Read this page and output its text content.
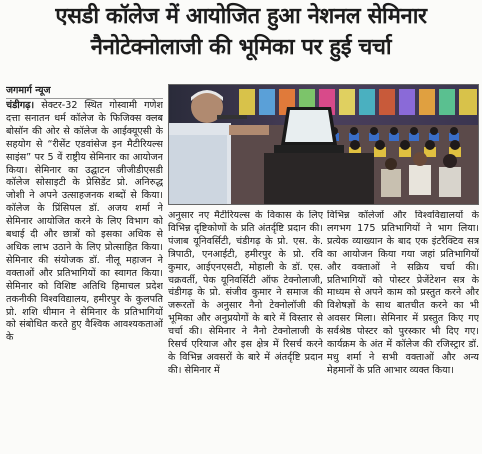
एसडी कॉलेज में आयोजित हुआ नेशनल सेमिनार
नैनोटेक्नोलाजी की भूमिका पर हुई चर्चा
जगमार्ग न्यूज

चंडीगढ़। सेक्टर-32 स्थित गोस्वामी गणेश दत्ता सनातन धर्म कॉलेज के फिजिक्स क्लब बोसॉन की ओर से कॉलेज के आईक्यूएसी के सहयोग से “रीसेंट एडवांसेज इन मैटीरियल्स साइंस” पर 5 वें राष्ट्रीय सेमिनार का आयोजन किया। सेमिनार का उद्घाटन जीजीडीएसडी कॉलेज सोसाइटी के प्रेसिडेंट प्रो. अनिरुद्ध जोशी ने अपने उत्साहजनक शब्दों से किया। कॉलेज के प्रिंसिपल डॉ. अजय शर्मा ने सेमिनार आयोजित करने के लिए विभाग को बधाई दी और छात्रों को इसका अधिक से अधिक लाभ उठाने के लिए प्रोत्साहित किया। सेमिनार की संयोजक डॉ. नीलू महाजन ने वक्ताओं और प्रतिभागियों का स्वागत किया। सेमिनार को विशिष्ट अतिथि हिमाचल प्रदेश तकनीकी विश्वविद्यालय, हमीरपुर के कुलपति प्रो. शशि धीमान ने सेमिनार के प्रतिभागियों को संबोधित करते हुए वैश्विक आवश्यकताओं के

अनुसार नए मैटीरियल्स के विकास के लिए विभिन्न दृष्टिकोणों के प्रति अंतर्दृष्टि प्रदान की। पंजाब यूनिवर्सिटी, चंडीगढ़ के प्रो. एस. के. त्रिपाठी, एनआईटी, हमीरपुर के प्रो. रवि कुमार, आईएनएसटी, मोहाली के डॉ. एस. चक्रवर्ती, पेक यूनिवर्सिटी ऑफ टेक्नोलाजी, चंडीगढ़ के प्रो. संजीव कुमार ने समाज की जरूरतों के अनुसार नैनो टेक्नोलॉजी की भूमिका और अनुप्रयोगों के बारे में विस्तार से चर्चा की। सेमिनार ने नैनो टेक्नोलाजी के रिसर्च एरियाज और इस क्षेत्र में रिसर्च करने के विभिन्न अवसरों के बारे में अंतर्दृष्टि प्रदान की। सेमिनार में

विभिन्न कॉलेजों और विश्वविद्यालयों के लगभग 175 प्रतिभागियों ने भाग लिया। प्रत्येक व्याख्यान के बाद एक इंटरैक्टिव सत्र का आयोजन किया गया जहां प्रतिभागियों और वक्ताओं ने सक्रिय चर्चा की। प्रतिभागियों को पोस्टर प्रेजेंटेशन सत्र के माध्यम से अपने काम को प्रस्तुत करने और विशेषज्ञों के साथ बातचीत करने का भी अवसर मिला। सेमिनार में प्रस्तुत किए गए सर्वश्रेष्ठ पोस्टर को पुरस्कार भी दिए गए। कार्यक्रम के अंत में कॉलेज की रजिस्ट्रार डॉ. मधु शर्मा ने सभी वक्ताओं और अन्य मेहमानों के प्रति आभार व्यक्त किया।
